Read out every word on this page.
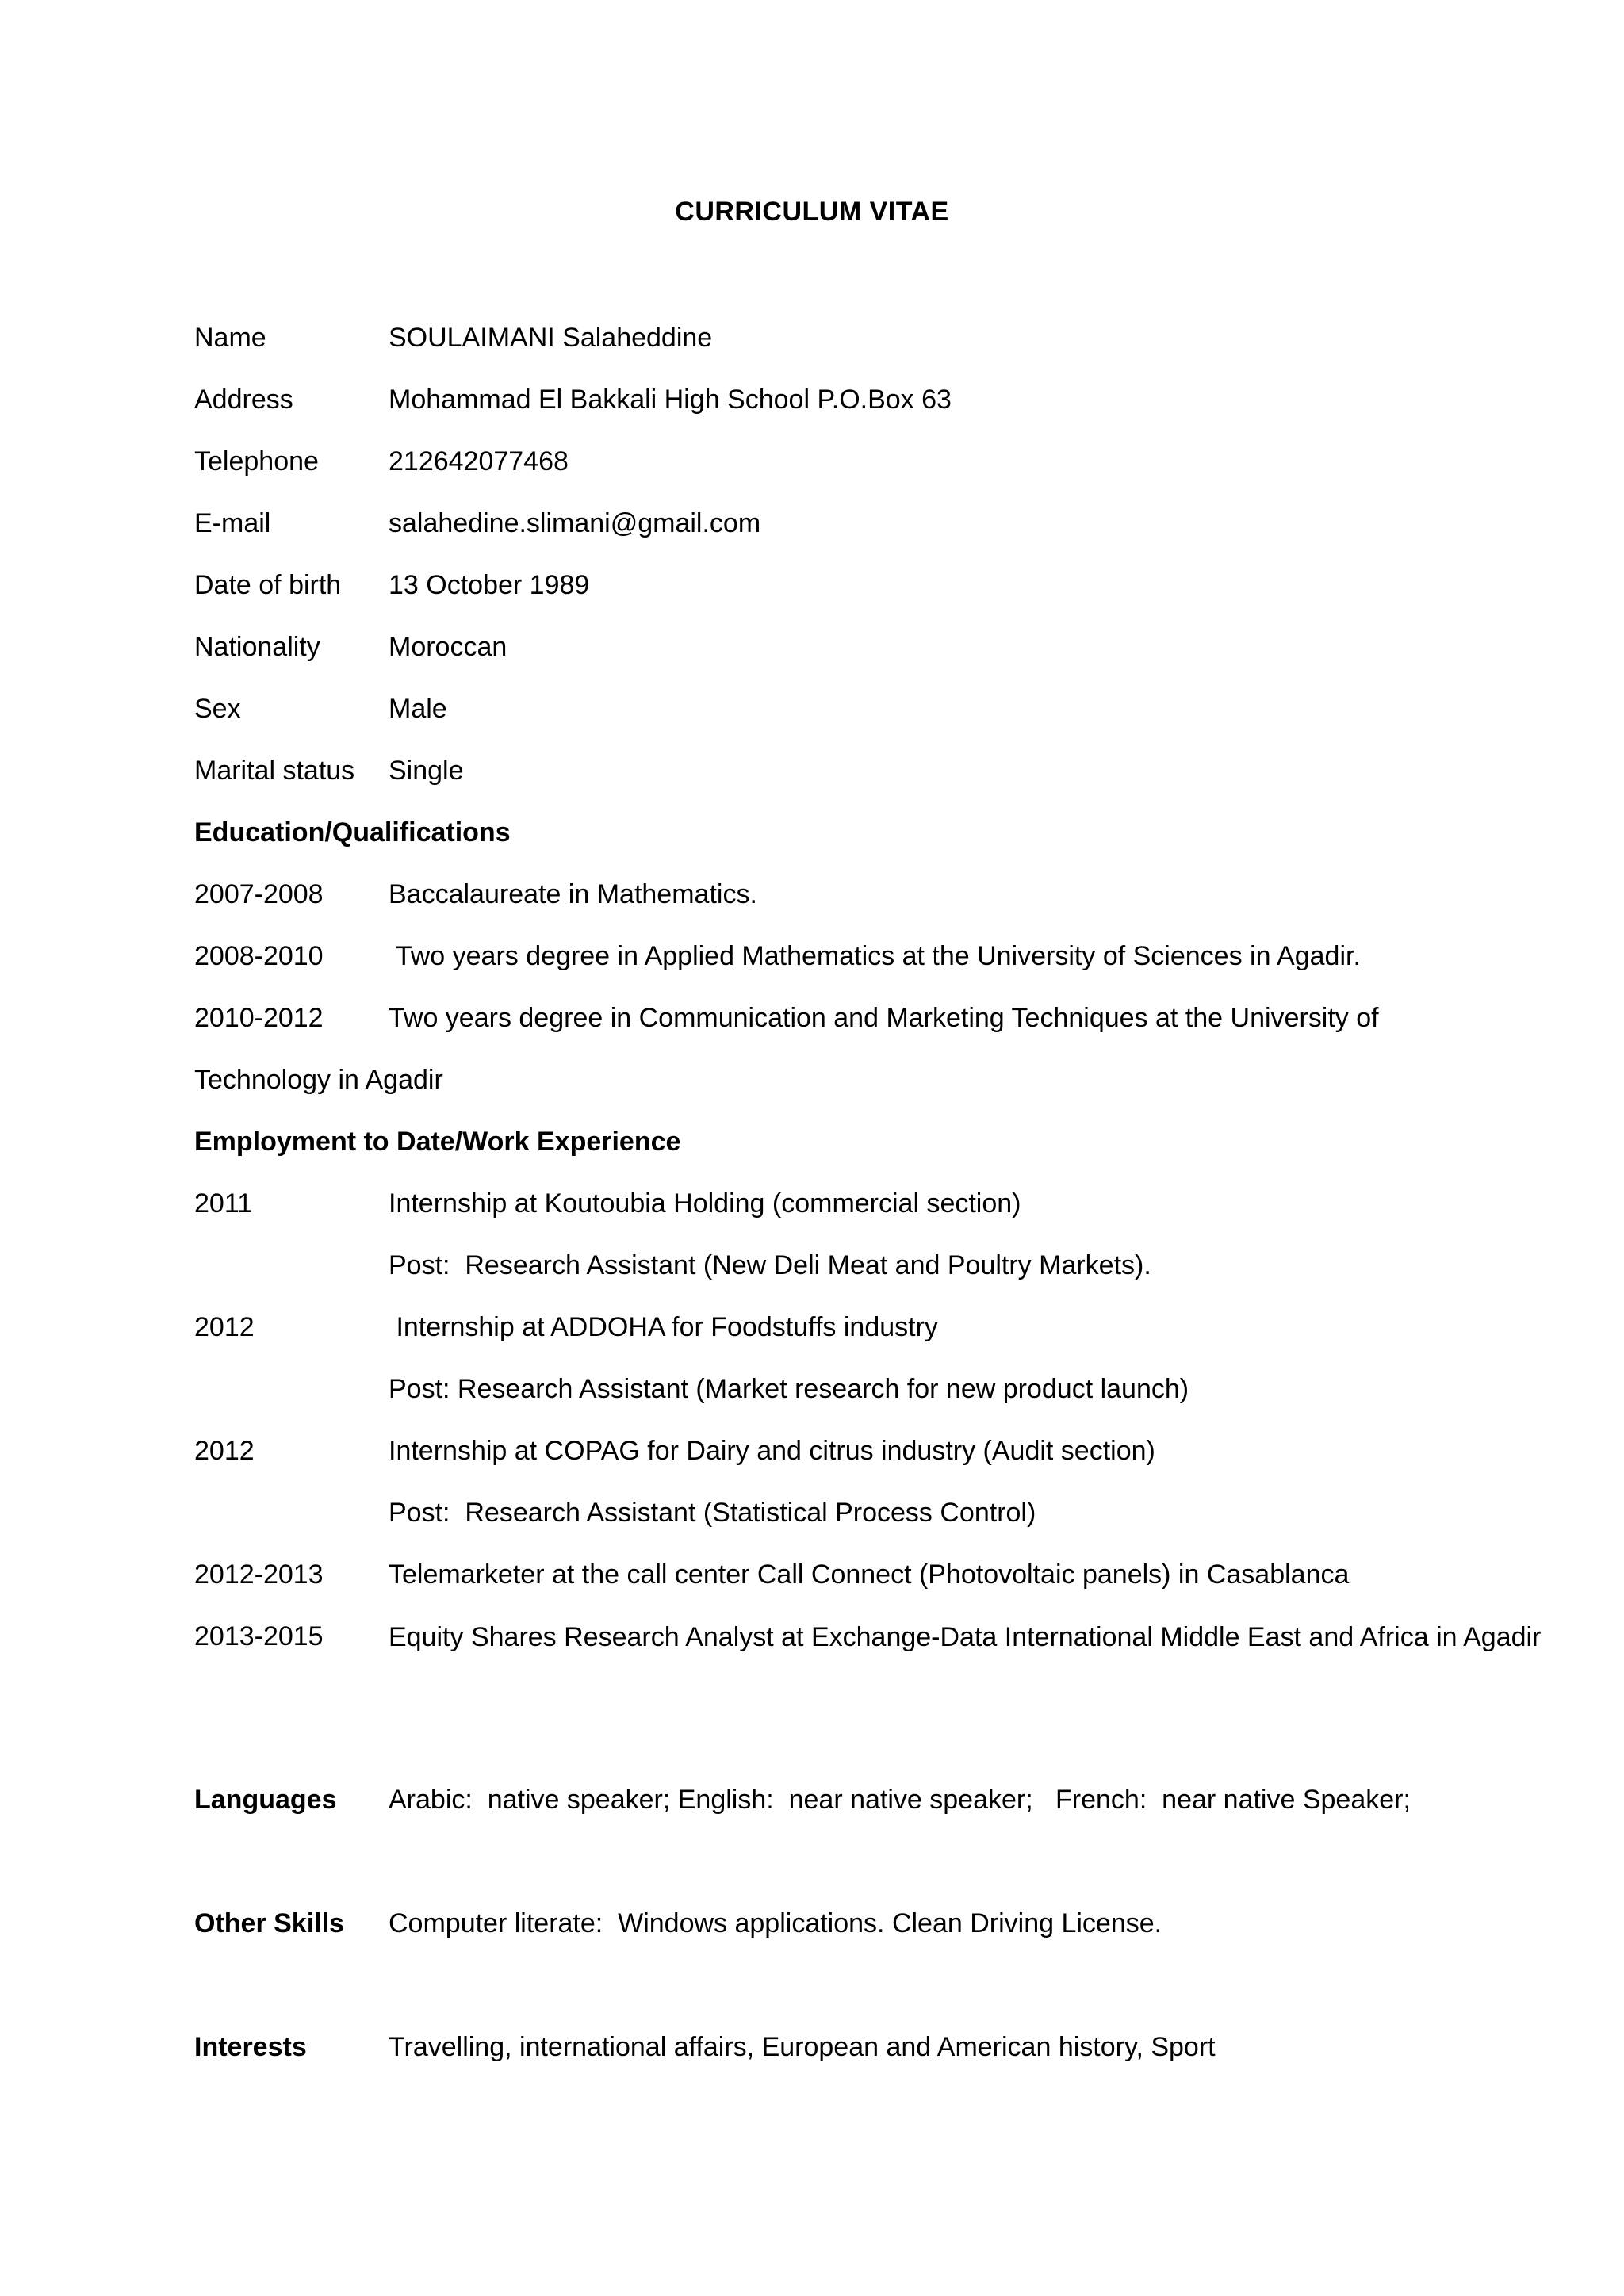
CURRICULUM VITAE
Name	SOULAIMANI Salaheddine
Address	Mohammad El Bakkali High School P.O.Box 63
Telephone	212642077468
E-mail	salahedine.slimani@gmail.com
Date of birth	13 October 1989
Nationality	Moroccan
Sex	Male
Marital status	Single
Education/Qualifications
2007-2008	Baccalaureate in Mathematics.
2008-2010	Two years degree in Applied Mathematics at the University of Sciences in Agadir.
2010-2012	Two years degree in Communication and Marketing Techniques at the University of
Technology in Agadir
Employment to Date/Work Experience
2011	Internship at Koutoubia Holding (commercial section)
Post:  Research Assistant (New Deli Meat and Poultry Markets).
2012	Internship at ADDOHA for Foodstuffs industry
Post: Research Assistant (Market research for new product launch)
2012	Internship at COPAG for Dairy and citrus industry (Audit section)
Post:  Research Assistant (Statistical Process Control)
2012-2013	Telemarketer at the call center Call Connect (Photovoltaic panels) in Casablanca
2013-2015	Equity Shares Research Analyst at Exchange-Data International Middle East and Africa in Agadir
Languages	Arabic:  native speaker; English:  near native speaker;   French:  near native Speaker;
Other Skills	Computer literate:  Windows applications. Clean Driving License.
Interests	Travelling, international affairs, European and American history, Sport
